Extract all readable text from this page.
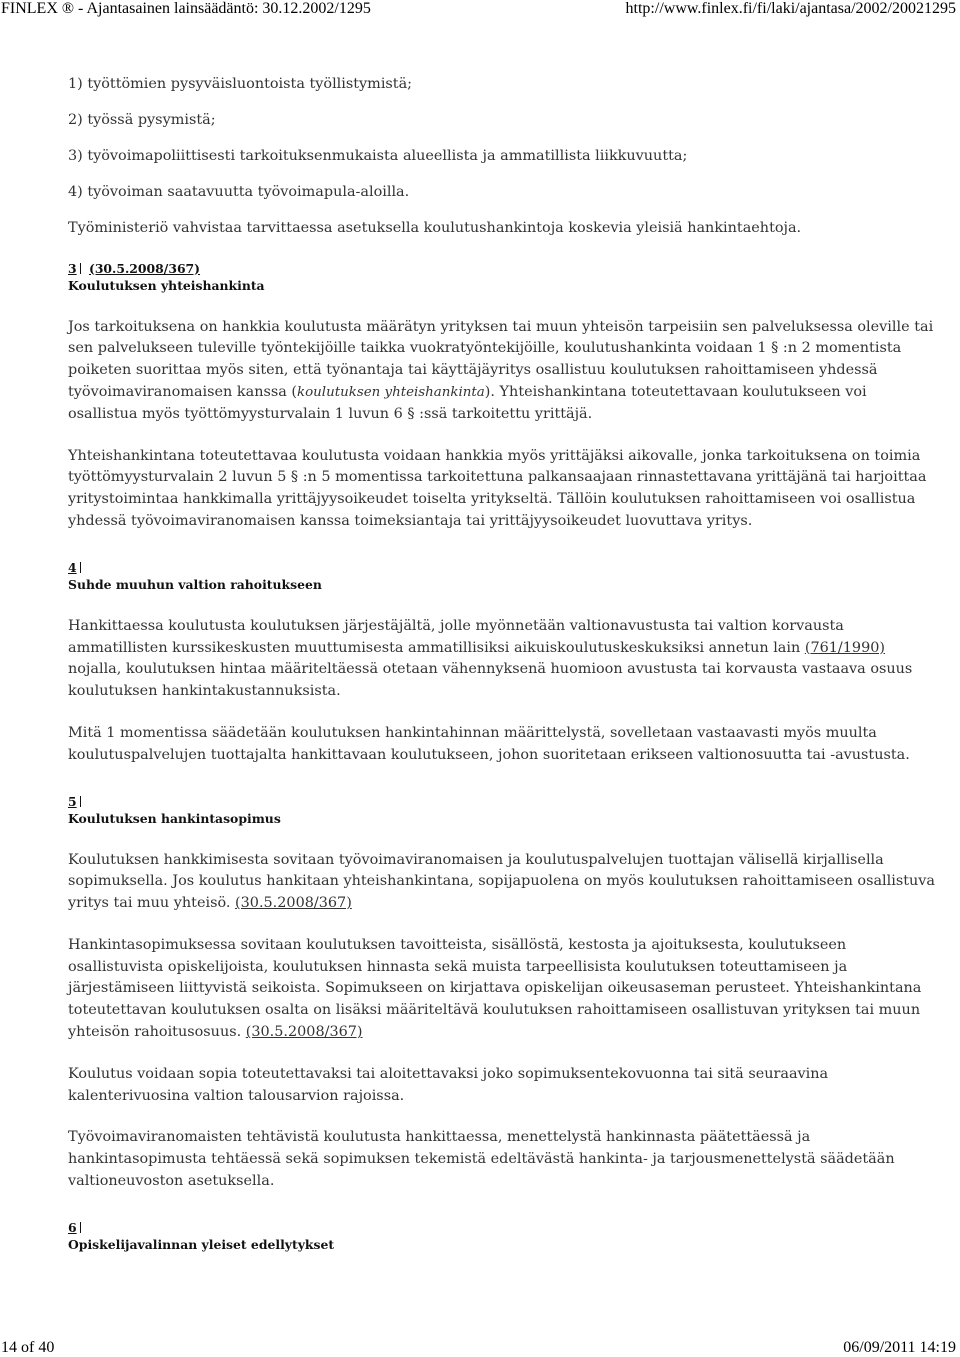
FINLEX ® - Ajantasainen lainsäädäntö: 30.12.2002/1295	http://www.finlex.fi/fi/laki/ajantasa/2002/20021295

1) työttömien pysyväisluontoista työllistymistä;

2) työssä pysymistä;

3) työvoimapoliittisesti tarkoituksenmukaista alueellista ja ammatillista liikkuvuutta;

4) työvoiman saatavuutta työvoimapula-aloilla.

Työministeriö vahvistaa tarvittaessa asetuksella koulutushankintoja koskevia yleisiä hankintaehtoja.

3 (30.5.2008/367)
Koulutuksen yhteishankinta

Jos tarkoituksena on hankkia koulutusta määrätyn yrityksen tai muun yhteisön tarpeisiin sen palveluksessa oleville tai sen palvelukseen tuleville työntekijöille taikka vuokratyöntekijöille, koulutushankinta voidaan 1 § :n 2 momentista poiketen suorittaa myös siten, että työnantaja tai käyttäjäyritys osallistuu koulutuksen rahoittamiseen yhdessä työvoimaviranomaisen kanssa (koulutuksen yhteishankinta). Yhteishankintana toteutettavaan koulutukseen voi osallistua myös työttömyysturvalain 1 luvun 6 § :ssä tarkoitettu yrittäjä.

Yhteishankintana toteutettavaa koulutusta voidaan hankkia myös yrittäjäksi aikovalle, jonka tarkoituksena on toimia työttömyysturvalain 2 luvun 5 § :n 5 momentissa tarkoitettuna palkansaajaan rinnastettavana yrittäjänä tai harjoittaa yritystoimintaa hankkimalla yrittäjyysoikeudet toiselta yritykseltä. Tällöin koulutuksen rahoittamiseen voi osallistua yhdessä työvoimaviranomaisen kanssa toimeksiantaja tai yrittäjyysoikeudet luovuttava yritys.

4
Suhde muuhun valtion rahoitukseen

Hankittaessa koulutusta koulutuksen järjestäjältä, jolle myönnetään valtionavustusta tai valtion korvausta ammatillisten kurssikeskusten muuttumisesta ammatillisiksi aikuiskoulutuskeskuksiksi annetun lain (761/1990) nojalla, koulutuksen hintaa määriteltäessä otetaan vähennyksenä huomioon avustusta tai korvausta vastaava osuus koulutuksen hankintakustannuksista.

Mitä 1 momentissa säädetään koulutuksen hankintahinnan määrittelystä, sovelletaan vastaavasti myös muulta koulutuspalvelujen tuottajalta hankittavaan koulutukseen, johon suoritetaan erikseen valtionosuutta tai -avustusta.

5
Koulutuksen hankintasopimus

Koulutuksen hankkimisesta sovitaan työvoimaviranomaisen ja koulutuspalvelujen tuottajan välisellä kirjallisella sopimuksella. Jos koulutus hankitaan yhteishankintana, sopijapuolena on myös koulutuksen rahoittamiseen osallistuva yritys tai muu yhteisö. (30.5.2008/367)

Hankintasopimuksessa sovitaan koulutuksen tavoitteista, sisällöstä, kestosta ja ajoituksesta, koulutukseen osallistuvista opiskelijoista, koulutuksen hinnasta sekä muista tarpeellisista koulutuksen toteuttamiseen ja järjestämiseen liittyvistä seikoista. Sopimukseen on kirjattava opiskelijan oikeusaseman perusteet. Yhteishankintana toteutettavan koulutuksen osalta on lisäksi määriteltävä koulutuksen rahoittamiseen osallistuvan yrityksen tai muun yhteisön rahoitusosuus. (30.5.2008/367)

Koulutus voidaan sopia toteutettavaksi tai aloitettavaksi joko sopimuksentekovuonna tai sitä seuraavina kalenterivuosina valtion talousarvion rajoissa.

Työvoimaviranomaisten tehtävistä koulutusta hankittaessa, menettelystä hankinnasta päätettäessä ja hankintasopimusta tehtäessä sekä sopimuksen tekemistä edeltävästä hankinta- ja tarjousmenettelystä säädetään valtioneuvoston asetuksella.

6
Opiskelijavalinnan yleiset edellytykset
14 of 40	06/09/2011 14:19
